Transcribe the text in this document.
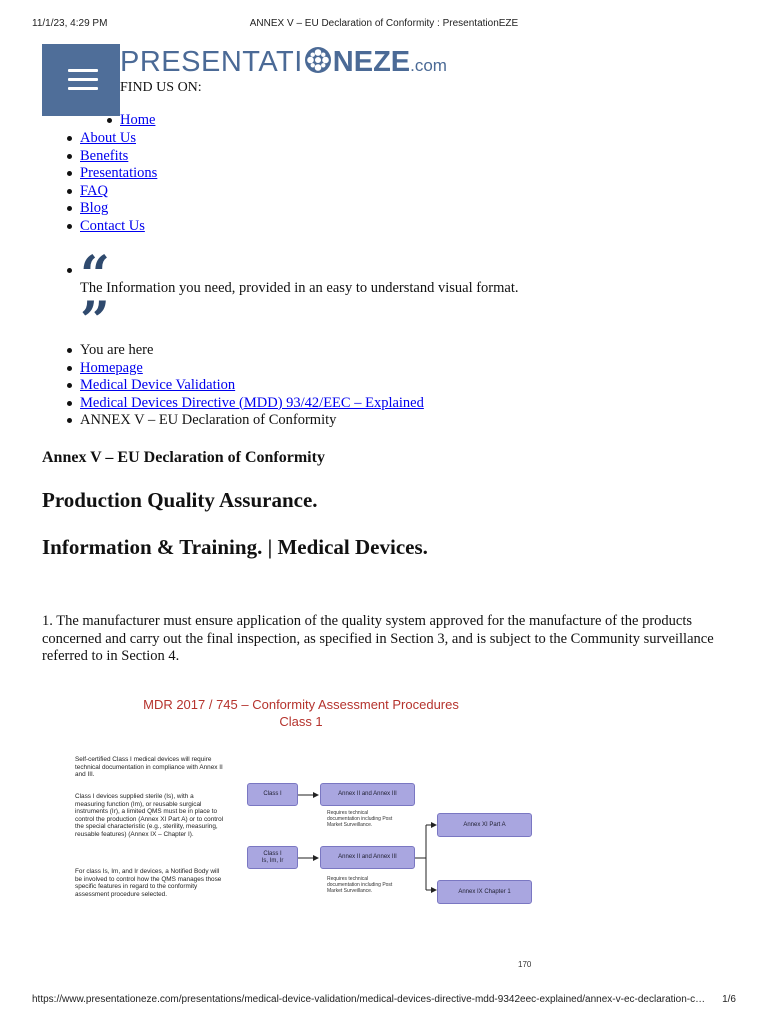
11/1/23, 4:29 PM	ANNEX V – EU Declaration of Conformity : PresentationEZE
PRESENTATI NEZE.com
FIND US ON:
Home
About Us
Benefits
Presentations
FAQ
Blog
Contact Us
“
The Information you need, provided in an easy to understand visual format.
”
You are here
Homepage
Medical Device Validation
Medical Devices Directive (MDD) 93/42/EEC – Explained
ANNEX V – EU Declaration of Conformity
Annex V – EU Declaration of Conformity
Production Quality Assurance.
Information & Training. | Medical Devices.
1. The manufacturer must ensure application of the quality system approved for the manufacture of the products concerned and carry out the final inspection, as specified in Section 3, and is subject to the Community surveillance referred to in Section 4.
MDR 2017 / 745 – Conformity Assessment Procedures
Class 1
Self-certified Class I medical devices will require technical documentation in compliance with Annex II and III.
Class I devices supplied sterile (Is), with a measuring function (Im), or reusable surgical instruments (Ir), a limited QMS must be in place to control the production (Annex XI Part A) or to control the special characteristic (e.g., sterility, measuring, reusable features) (Annex IX – Chapter I).
For class Is, Im, and Ir devices, a Notified Body will be involved to control how the QMS manages those specific features in regard to the conformity assessment procedure selected.
Class I	Annex II and Annex III
Class I
Is, Im, Ir
Annex II and Annex III
Annex XI Part A
Annex IX Chapter 1
Requires technical documentation including Post Market Surveillance.
Requires technical documentation including Post Market Surveillance.
170
https://www.presentationeze.com/presentations/medical-device-validation/medical-devices-directive-mdd-9342eec-explained/annex-v-ec-declaration-c…	1/6
